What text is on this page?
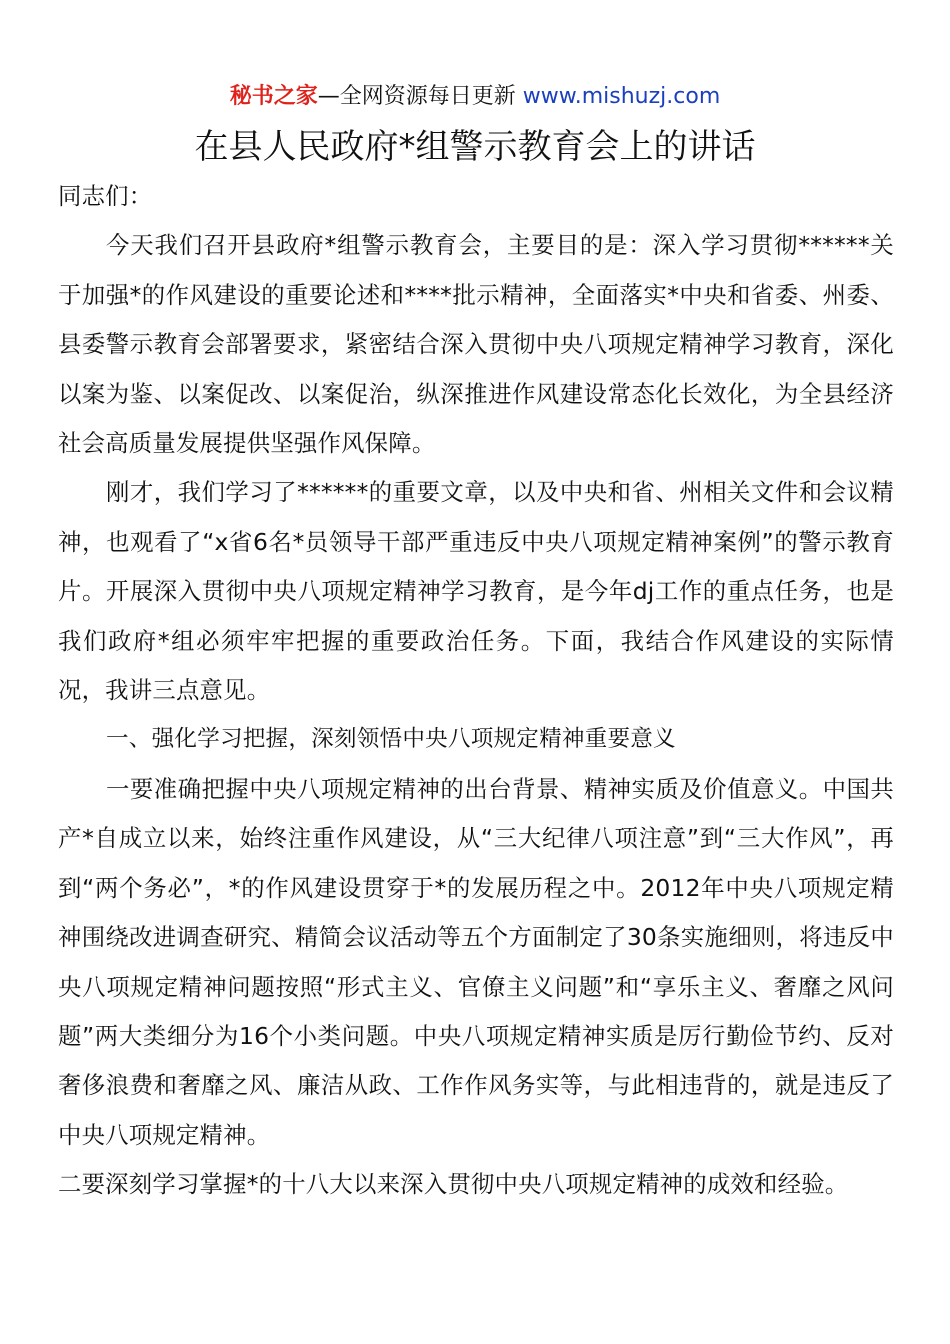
秘书之家—全网资源每日更新 www.mishuzj.com
在县人民政府*组警示教育会上的讲话

同志们：

今天我们召开县政府*组警示教育会，主要目的是：深入学习贯彻******关于加强*的作风建设的重要论述和****批示精神，全面落实*中央和省委、州委、县委警示教育会部署要求，紧密结合深入贯彻中央八项规定精神学习教育，深化以案为鉴、以案促改、以案促治，纵深推进作风建设常态化长效化，为全县经济社会高质量发展提供坚强作风保障。

刚才，我们学习了******的重要文章，以及中央和省、州相关文件和会议精神，也观看了“x省6名*员领导干部严重违反中央八项规定精神案例”的警示教育片。开展深入贯彻中央八项规定精神学习教育，是今年dj工作的重点任务，也是我们政府*组必须牢牢把握的重要政治任务。下面，我结合作风建设的实际情况，我讲三点意见。

一、强化学习把握，深刻领悟中央八项规定精神重要意义

一要准确把握中央八项规定精神的出台背景、精神实质及价值意义。中国共产*自成立以来，始终注重作风建设，从“三大纪律八项注意”到“三大作风”，再到“两个务必”，*的作风建设贯穿于*的发展历程之中。2012年中央八项规定精神围绕改进调查研究、精简会议活动等五个方面制定了30条实施细则，将违反中央八项规定精神问题按照“形式主义、官僚主义问题”和“享乐主义、奢靡之风问题”两大类细分为16个小类问题。中央八项规定精神实质是厉行勤俭节约、反对奢侈浪费和奢靡之风、廉洁从政、工作作风务实等，与此相违背的，就是违反了中央八项规定精神。

二要深刻学习掌握*的十八大以来深入贯彻中央八项规定精神的成效和经验。
